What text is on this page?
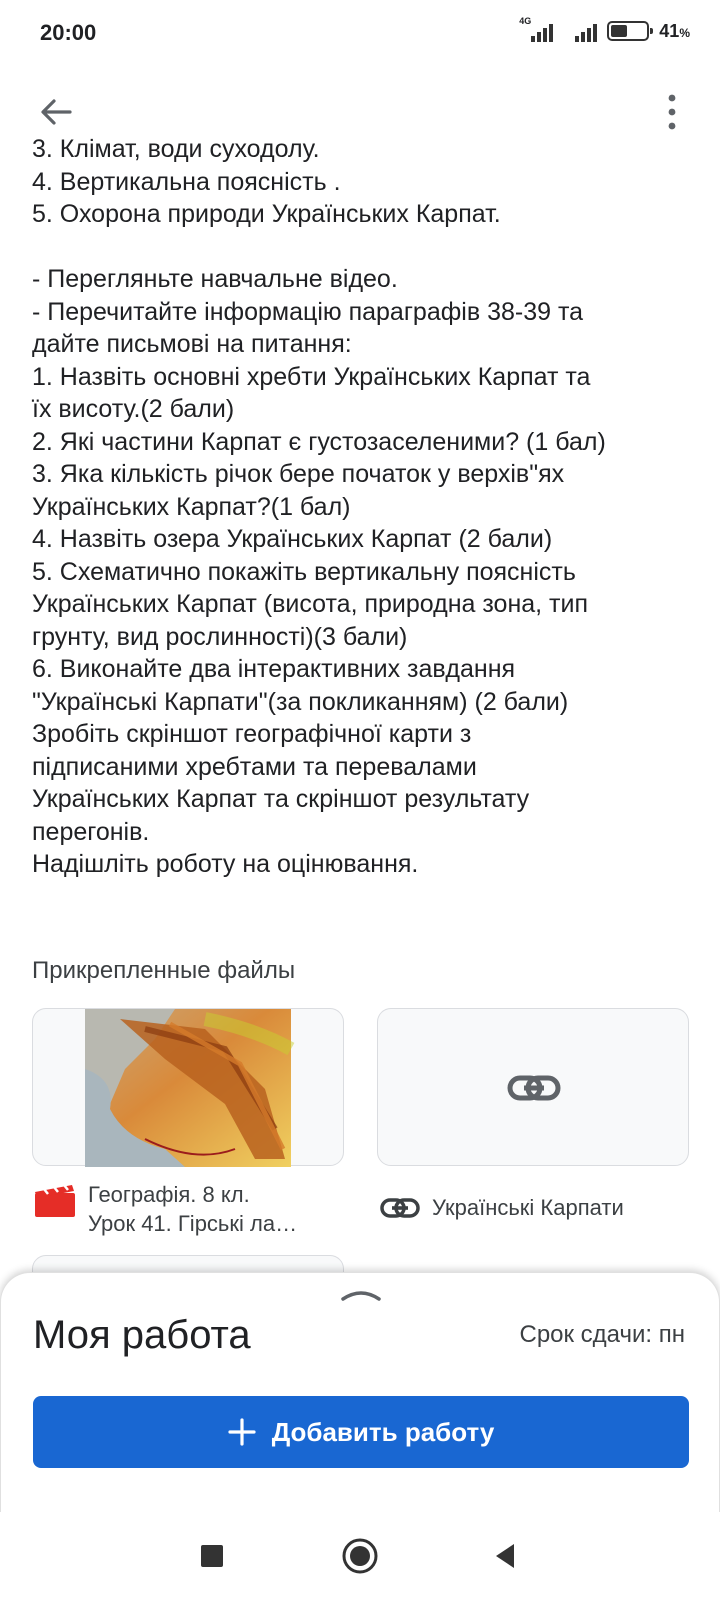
20:00	4G	41%
3. Клімат, води суходолу.
4. Вертикальна поясність .
5. Охорона природи Українських Карпат.
- Перегляньте навчальне відео.
- Перечитайте інформацію параграфів 38-39 та
дайте письмові на питання:
1. Назвіть основні хребти Українських Карпат та
їх висоту.(2 бали)
2. Які частини Карпат є густозаселеними? (1 бал)
3. Яка кількість річок бере початок у верхів"ях
Українських Карпат?(1 бал)
4. Назвіть озера Українських Карпат (2 бали)
5. Схематично покажіть вертикальну поясність
Українських Карпат (висота, природна зона, тип
грунту, вид рослинності)(3 бали)
6. Виконайте два інтерактивних завдання
"Українські Карпати"(за покликанням) (2 бали)
Зробіть скріншот географічної карти з
підписаними хребтами та перевалами
Українських Карпат та скріншот результату
перегонів.
Надішліть роботу на оцінювання.
Прикрепленные файлы
Географія. 8 кл.
Урок 41. Гірські ла…
Українські Карпати
Моя работа	Срок сдачи: пн
Добавить работу
